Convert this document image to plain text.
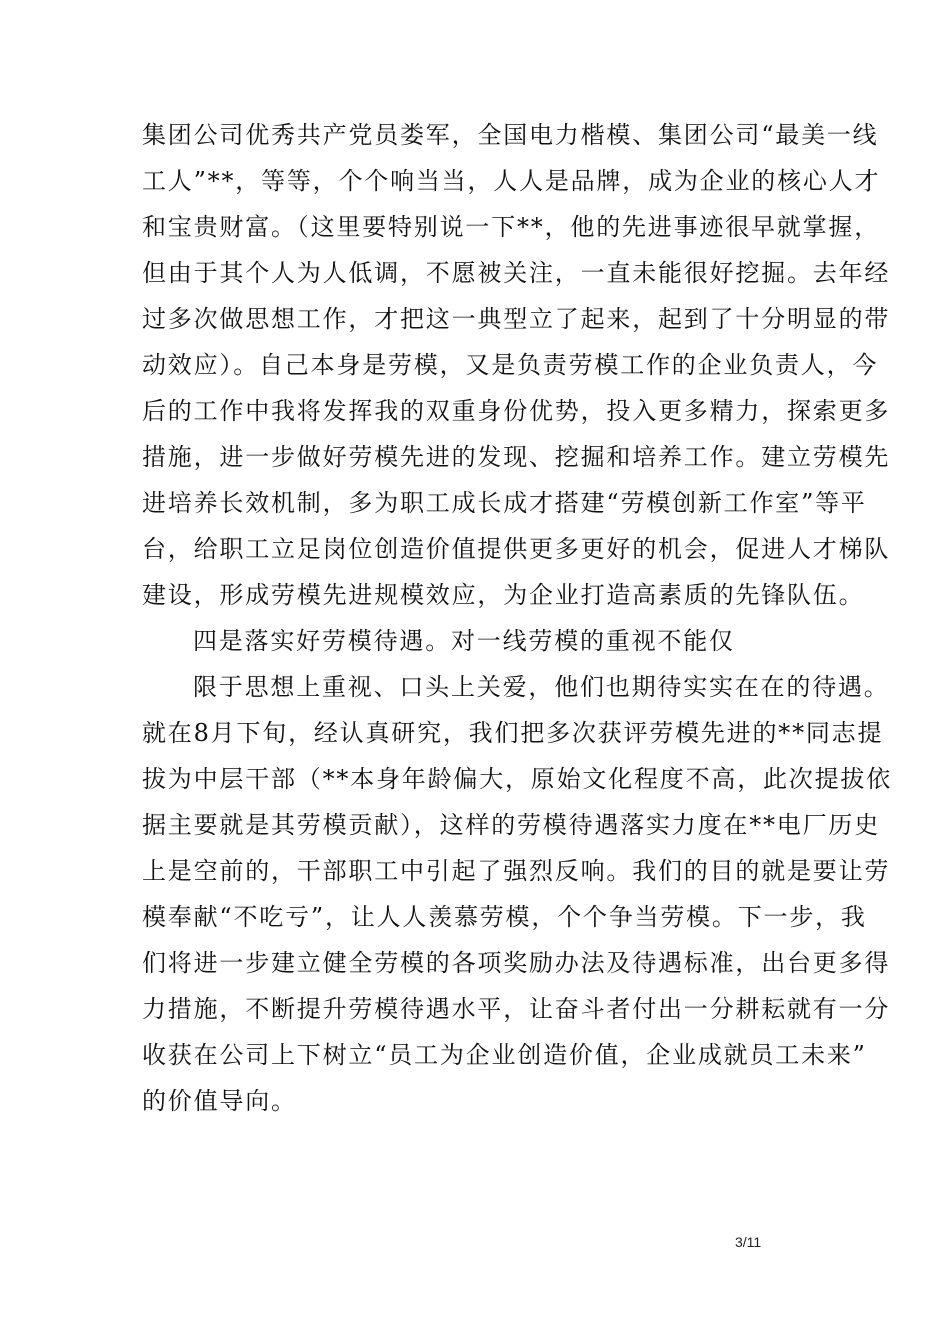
集团公司优秀共产党员娄军，全国电力楷模、集团公司“最美一线
工人”**，等等，个个响当当，人人是品牌，成为企业的核心人才
和宝贵财富。（这里要特别说一下**，他的先进事迹很早就掌握，
但由于其个人为人低调，不愿被关注，一直未能很好挖掘。去年经
过多次做思想工作，才把这一典型立了起来，起到了十分明显的带
动效应）。自己本身是劳模，又是负责劳模工作的企业负责人，今
后的工作中我将发挥我的双重身份优势，投入更多精力，探索更多
措施，进一步做好劳模先进的发现、挖掘和培养工作。建立劳模先
进培养长效机制，多为职工成长成才搭建“劳模创新工作室”等平
台，给职工立足岗位创造价值提供更多更好的机会，促进人才梯队
建设，形成劳模先进规模效应，为企业打造高素质的先锋队伍。
四是落实好劳模待遇。对一线劳模的重视不能仅
限于思想上重视、口头上关爱，他们也期待实实在在的待遇。
就在8月下旬，经认真研究，我们把多次获评劳模先进的**同志提
拔为中层干部（**本身年龄偏大，原始文化程度不高，此次提拔依
据主要就是其劳模贡献），这样的劳模待遇落实力度在**电厂历史
上是空前的，干部职工中引起了强烈反响。我们的目的就是要让劳
模奉献“不吃亏”，让人人羡慕劳模，个个争当劳模。下一步，我
们将进一步建立健全劳模的各项奖励办法及待遇标准，出台更多得
力措施，不断提升劳模待遇水平，让奋斗者付出一分耕耘就有一分
收获在公司上下树立“员工为企业创造价值，企业成就员工未来”
的价值导向。
3/11
